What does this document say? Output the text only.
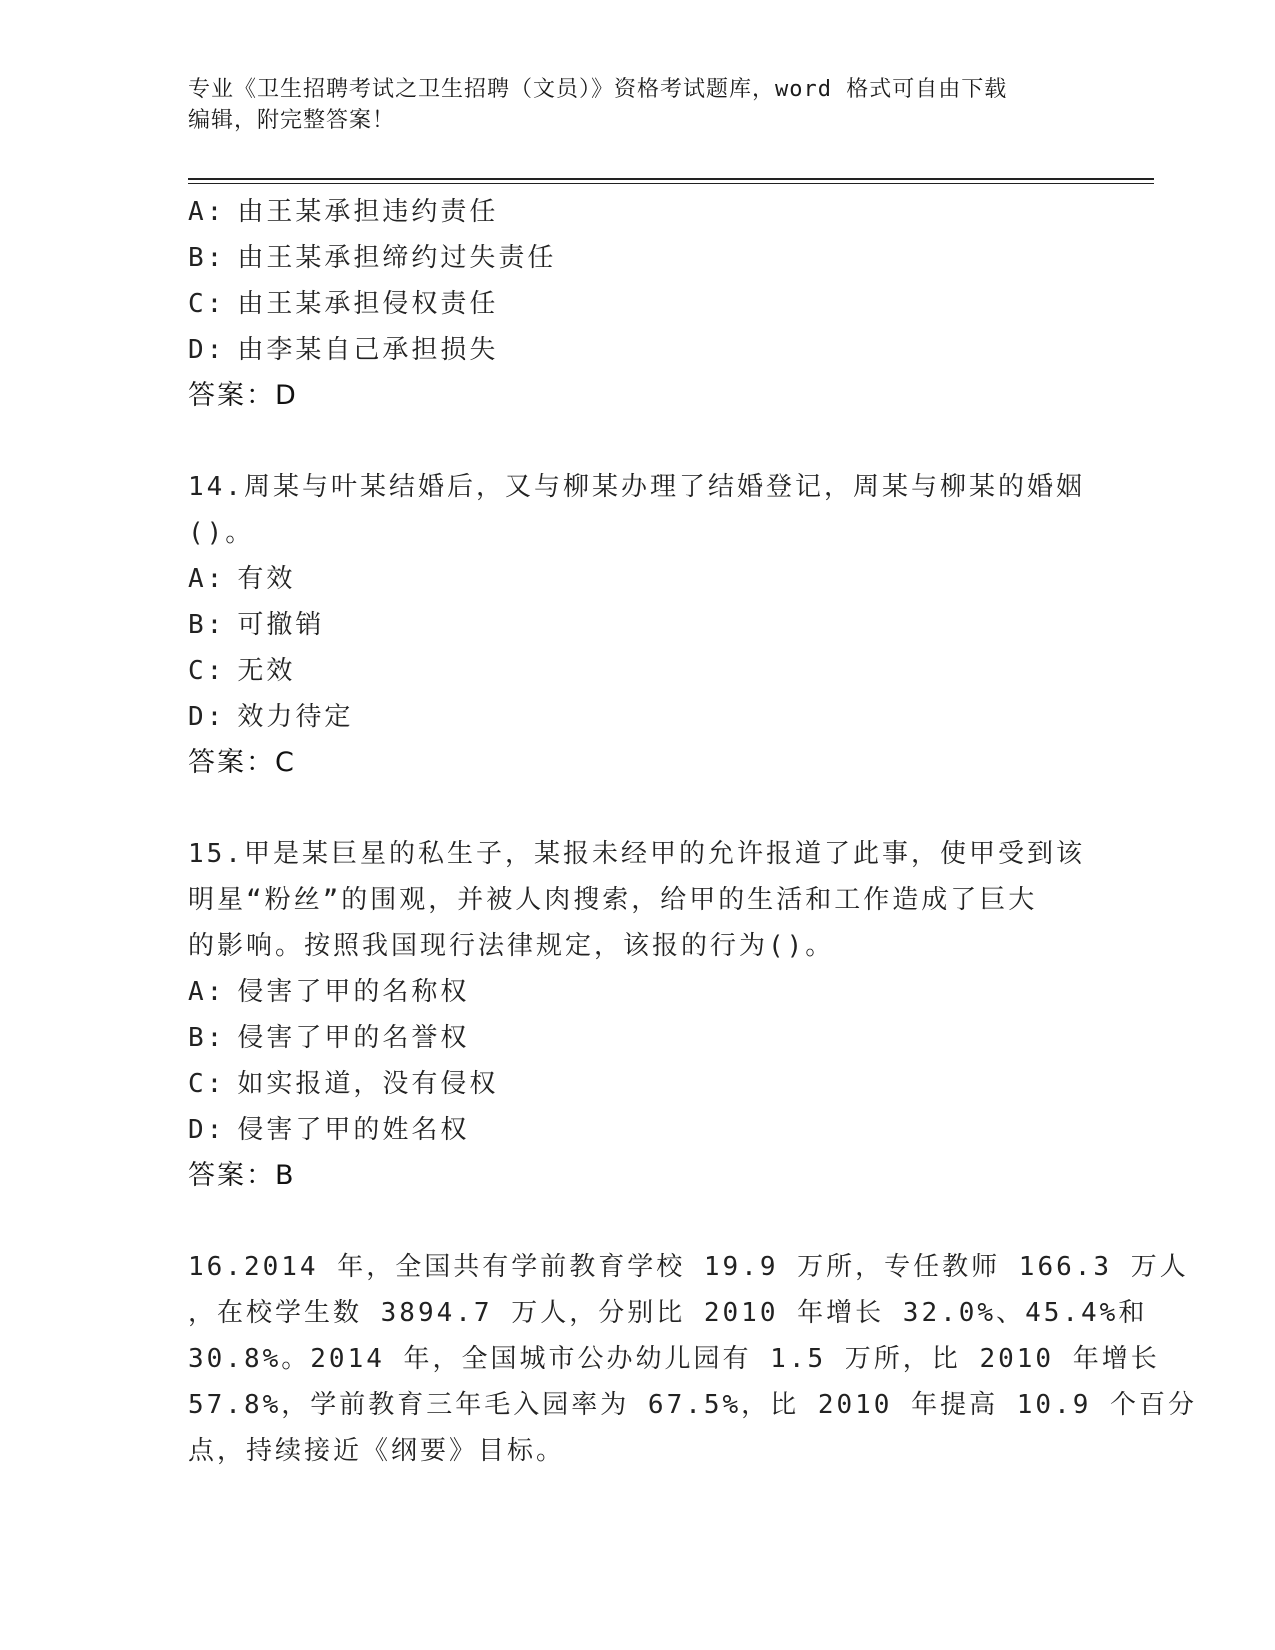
专业《卫生招聘考试之卫生招聘（文员）》资格考试题库，word 格式可自由下载
编辑，附完整答案！
A: 由王某承担违约责任
B: 由王某承担缔约过失责任
C: 由王某承担侵权责任
D: 由李某自己承担损失
答案：D
14.周某与叶某结婚后，又与柳某办理了结婚登记，周某与柳某的婚姻
()。
A: 有效
B: 可撤销
C: 无效
D: 效力待定
答案：C
15.甲是某巨星的私生子，某报未经甲的允许报道了此事，使甲受到该
明星“粉丝”的围观，并被人肉搜索，给甲的生活和工作造成了巨大
的影响。按照我国现行法律规定，该报的行为()。
A: 侵害了甲的名称权
B: 侵害了甲的名誉权
C: 如实报道，没有侵权
D: 侵害了甲的姓名权
答案：B
16.2014 年，全国共有学前教育学校 19.9 万所，专任教师 166.3 万人
，在校学生数 3894.7 万人，分别比 2010 年增长 32.0%、45.4%和
30.8%。2014 年，全国城市公办幼儿园有 1.5 万所，比 2010 年增长
57.8%，学前教育三年毛入园率为 67.5%，比 2010 年提高 10.9 个百分
点，持续接近《纲要》目标。
